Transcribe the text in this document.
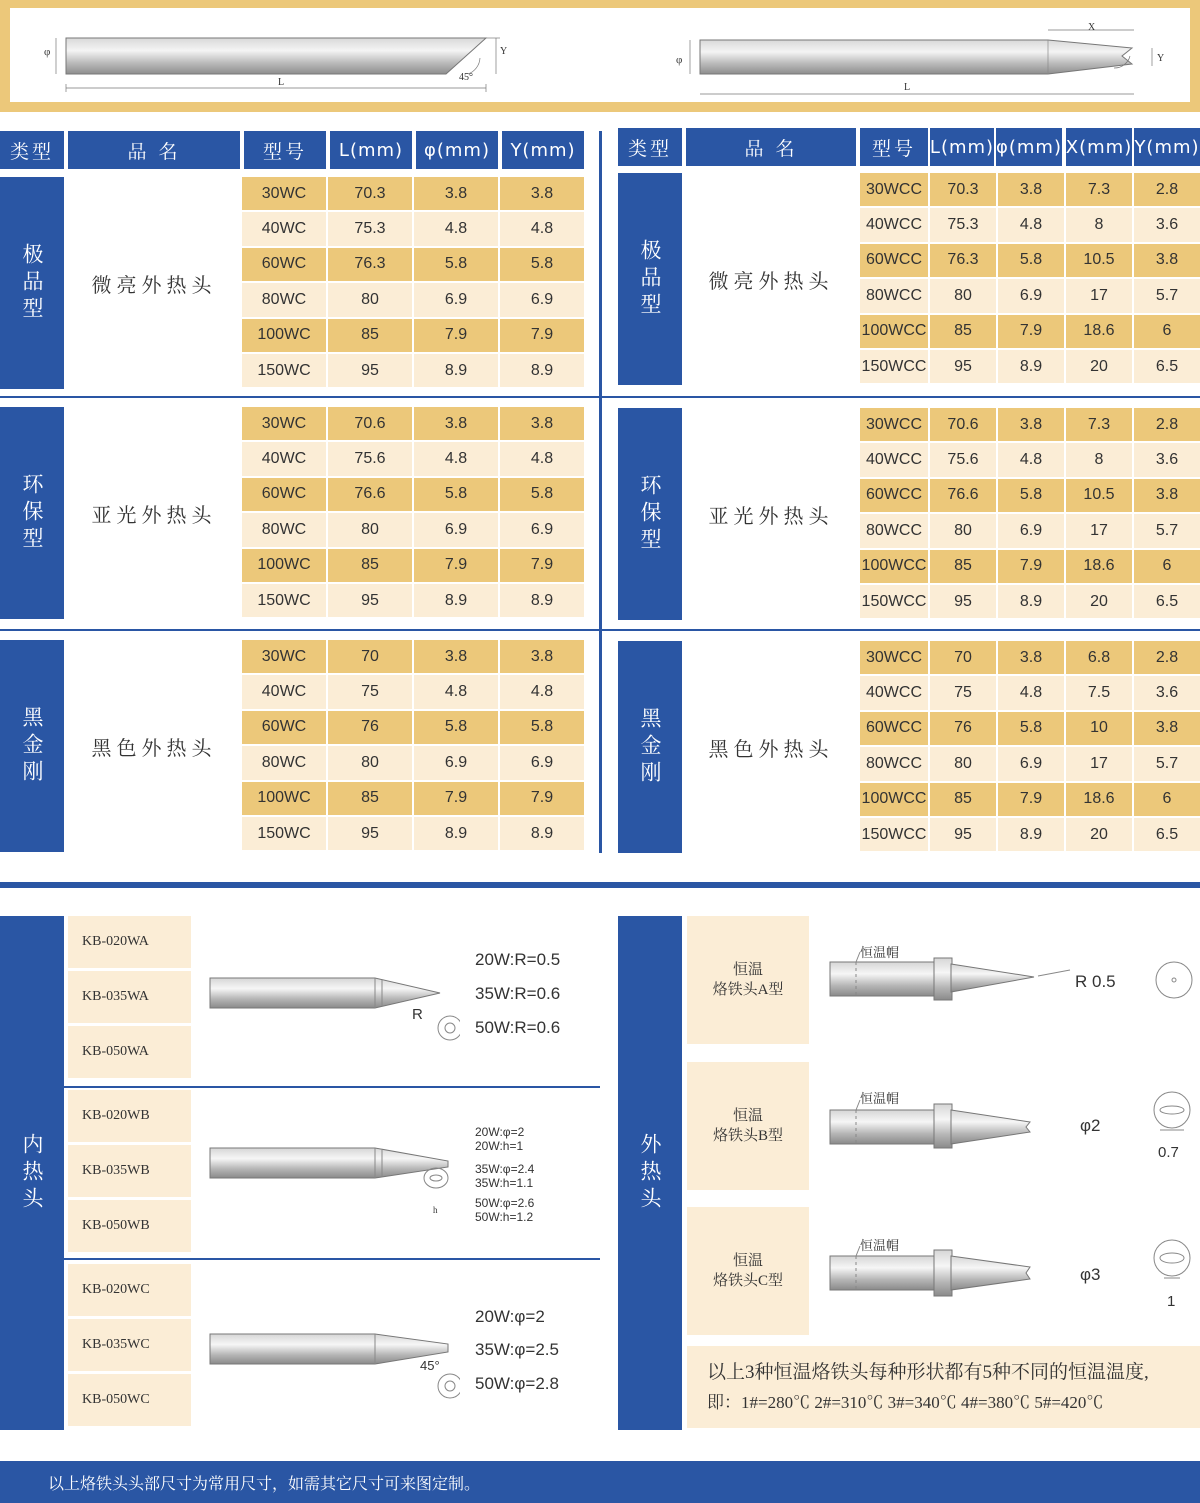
φ
L
Y
45°
φ
X
Y
L
类型	品 名	型号	L(mm)	φ(mm)	Y(mm)
极品型	微亮外热头
30WC	70.3	3.8	3.8
40WC	75.3	4.8	4.8
60WC	76.3	5.8	5.8
80WC	80	6.9	6.9
100WC	85	7.9	7.9
150WC	95	8.9	8.9
环保型	亚光外热头
30WC	70.6	3.8	3.8
40WC	75.6	4.8	4.8
60WC	76.6	5.8	5.8
80WC	80	6.9	6.9
100WC	85	7.9	7.9
150WC	95	8.9	8.9
黑金刚	黑色外热头
30WC	70	3.8	3.8
40WC	75	4.8	4.8
60WC	76	5.8	5.8
80WC	80	6.9	6.9
100WC	85	7.9	7.9
150WC	95	8.9	8.9
类型	品 名	型号 L(mm) φ(mm) X(mm) Y(mm)
极品型	微亮外热头
30WCC	70.3	3.8	7.3	2.8
40WCC	75.3	4.8	8	3.6
60WCC	76.3	5.8	10.5	3.8
80WCC	80	6.9	17	5.7
100WCC	85	7.9	18.6	6
150WCC	95	8.9	20	6.5
环保型	亚光外热头
30WCC	70.6	3.8	7.3	2.8
40WCC	75.6	4.8	8	3.6
60WCC	76.6	5.8	10.5	3.8
80WCC	80	6.9	17	5.7
100WCC	85	7.9	18.6	6
150WCC	95	8.9	20	6.5
黑金刚	黑色外热头
30WCC	70	3.8	6.8	2.8
40WCC	75	4.8	7.5	3.6
60WCC	76	5.8	10	3.8
80WCC	80	6.9	17	5.7
100WCC	85	7.9	18.6	6
150WCC	95	8.9	20	6.5
内热头
KB-020WA
KB-035WA
KB-050WA
KB-020WB
KB-035WB
KB-050WB
KB-020WC
KB-035WC
KB-050WC
R
h
45°
20W:R=0.5
35W:R=0.6
50W:R=0.6
20W:φ=2
20W:h=1
35W:φ=2.4
35W:h=1.1
50W:φ=2.6
50W:h=1.2
20W:φ=2
35W:φ=2.5
50W:φ=2.8
外热头
恒温
烙铁头A型
恒温
烙铁头B型
恒温
烙铁头C型
恒温帽
恒温帽
恒温帽
R 0.5
φ2
0.7
φ3
1
以上3种恒温烙铁头每种形状都有5种不同的恒温温度,
即：1#=280℃ 2#=310℃ 3#=340℃ 4#=380℃ 5#=420℃
以上烙铁头头部尺寸为常用尺寸，如需其它尺寸可来图定制。
